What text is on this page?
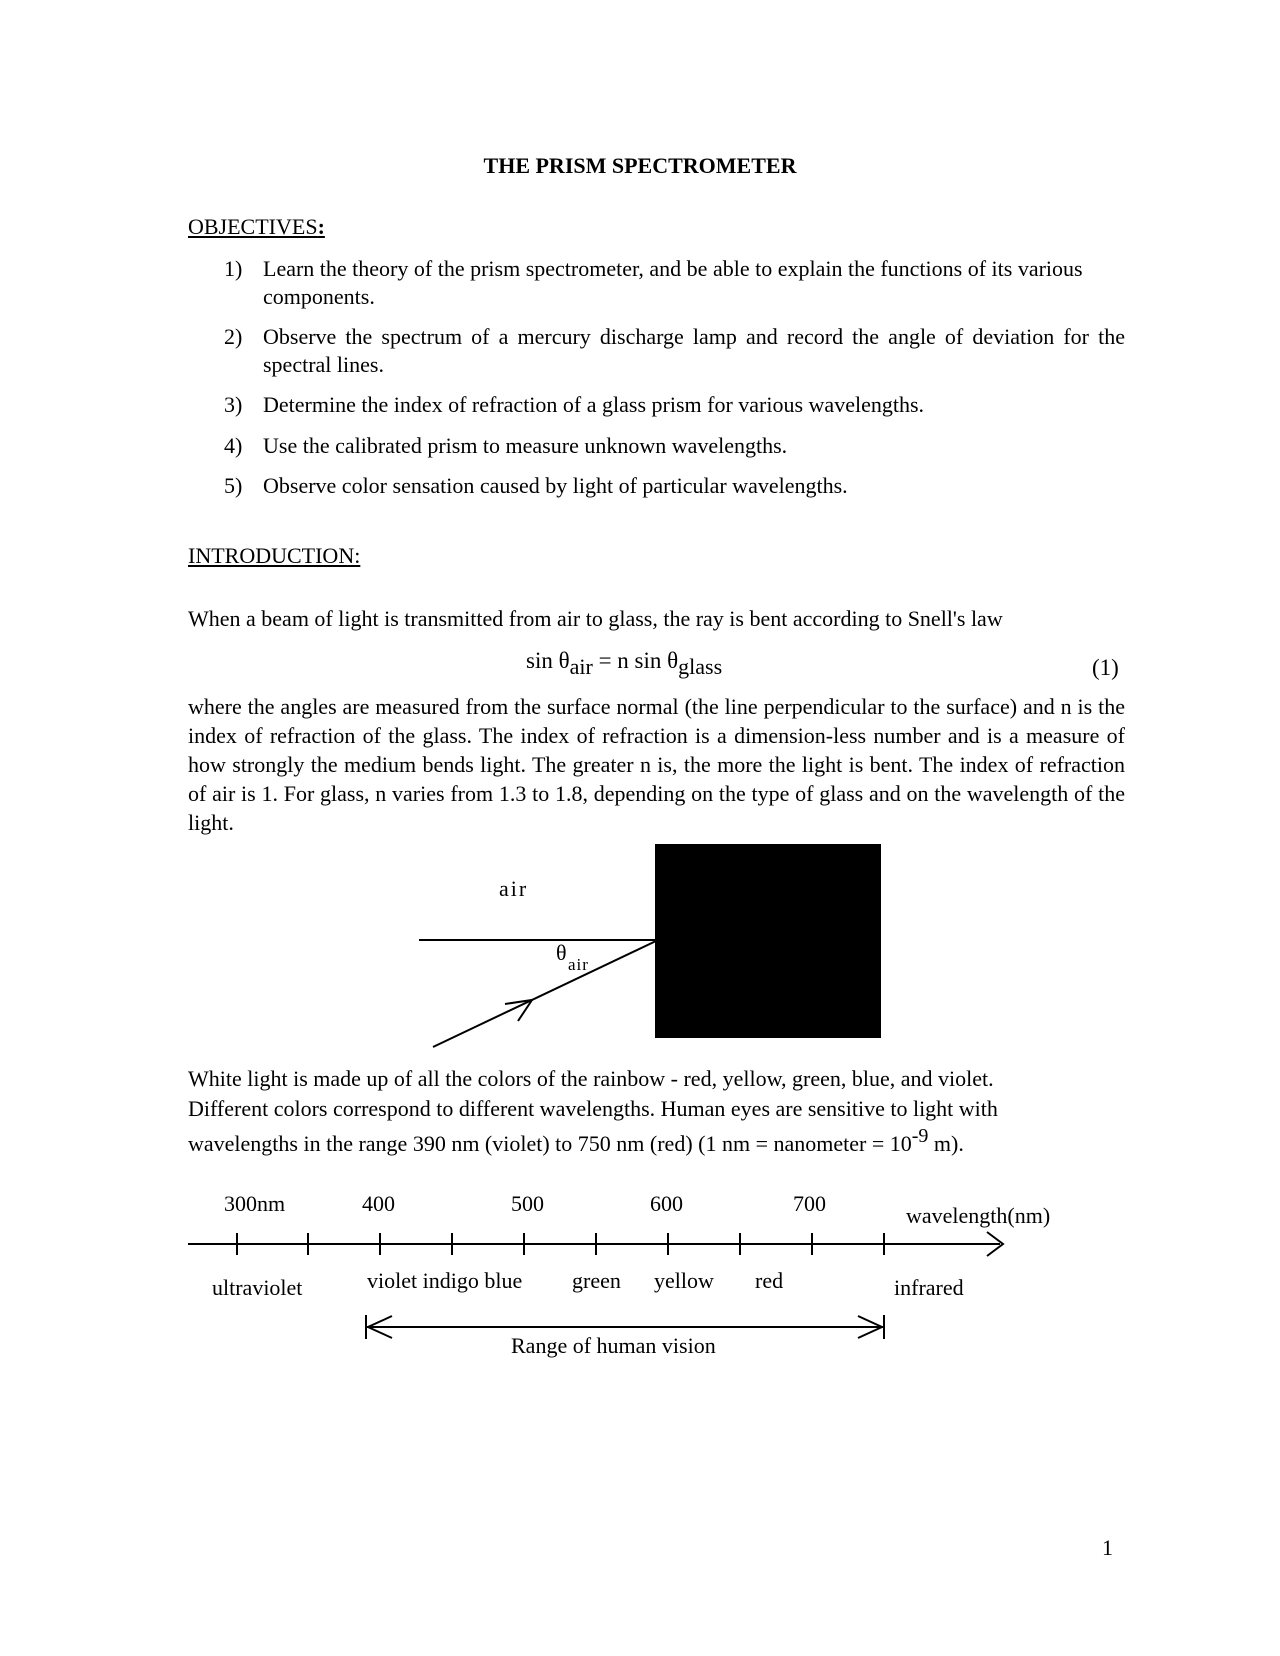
THE PRISM SPECTROMETER
OBJECTIVES:
1) Learn the theory of the prism spectrometer, and be able to explain the functions of its various components.
2) Observe the spectrum of a mercury discharge lamp and record the angle of deviation for the spectral lines.
3) Determine the index of refraction of a glass prism for various wavelengths.
4) Use the calibrated prism to measure unknown wavelengths.
5) Observe color sensation caused by light of particular wavelengths.
INTRODUCTION:
When a beam of light is transmitted from air to glass, the ray is bent according to Snell's law
sin θair = n sin θglass	(1)
where the angles are measured from the surface normal (the line perpendicular to the surface) and n is the index of refraction of the glass. The index of refraction is a dimension-less number and is a measure of how strongly the medium bends light. The greater n is, the more the light is bent. The index of refraction of air is 1. For glass, n varies from 1.3 to 1.8, depending on the type of glass and on the wavelength of the light.
air
θ air
White light is made up of all the colors of the rainbow - red, yellow, green, blue, and violet.
Different colors correspond to different wavelengths. Human eyes are sensitive to light with
wavelengths in the range 390 nm (violet) to 750 nm (red) (1 nm = nanometer = 10-9 m).
300nm	400	500	600	700	wavelength(nm)
ultraviolet	violet indigo blue green yellow red	infrared
Range of human vision
1
